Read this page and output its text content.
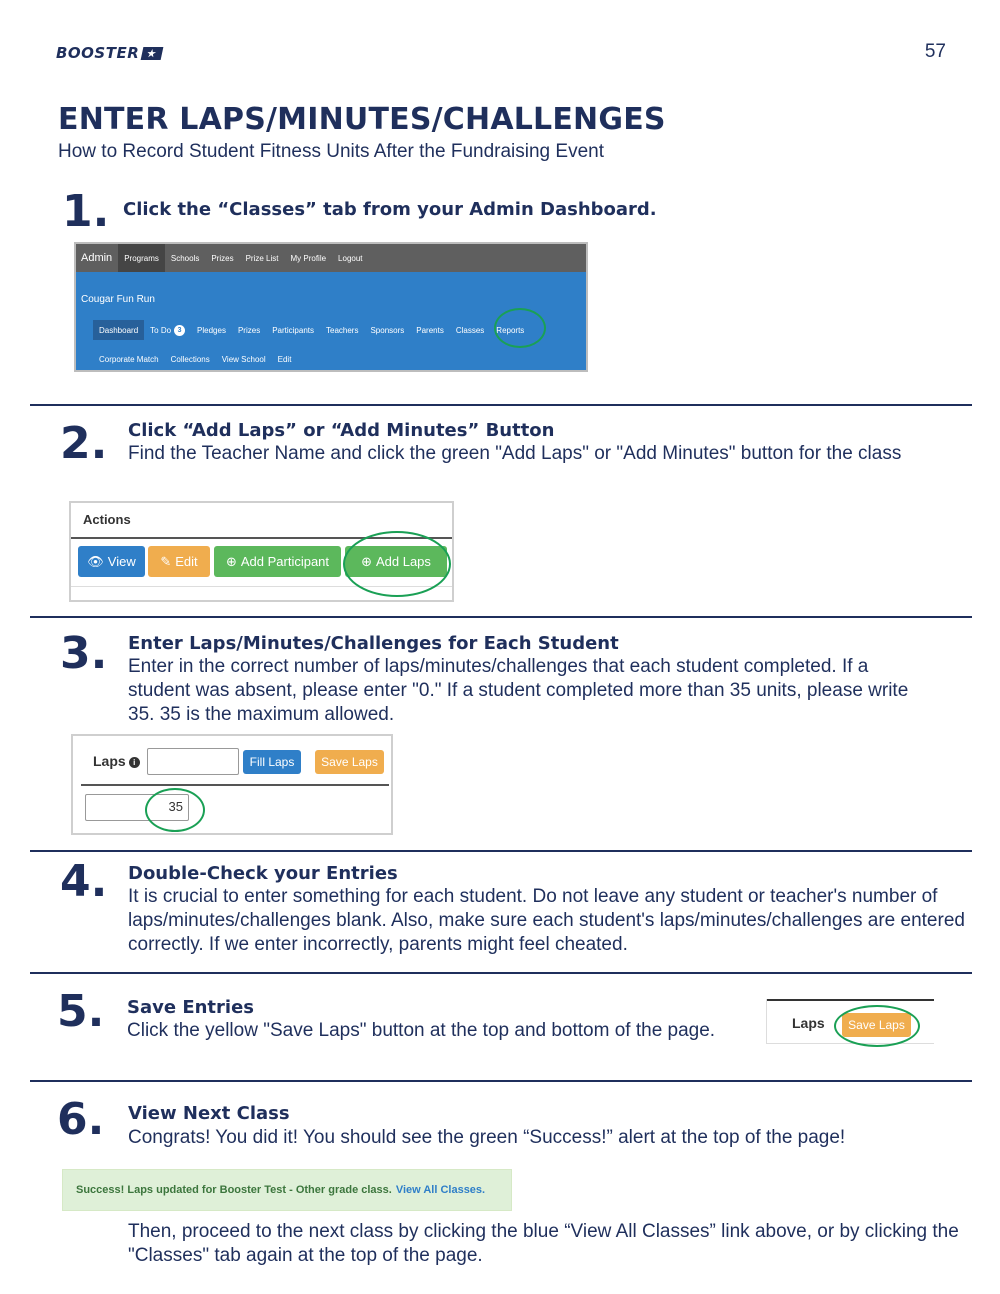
BOOSTER	57
ENTER LAPS/MINUTES/CHALLENGES
How to Record Student Fitness Units After the Fundraising Event
1. Click the “Classes” tab from your Admin Dashboard.
Admin	Programs	Schools	Prizes	Prize List	My Profile	Logout
Cougar Fun Run
Dashboard	To Do 3	Pledges	Prizes	Participants	Teachers	Sponsors	Parents	Classes	Reports
Corporate Match	Collections	View School	Edit
2. Click “Add Laps” or “Add Minutes” Button
Find the Teacher Name and click the green "Add Laps" or "Add Minutes" button for the class
Actions
👁 View ✎ Edit ⊕ Add Participant ⊕ Add Laps
3. Enter Laps/Minutes/Challenges for Each Student
Enter in the correct number of laps/minutes/challenges that each student completed. If a student was absent, please enter "0." If a student completed more than 35 units, please write 35. 35 is the maximum allowed.
Laps i	Fill Laps	Save Laps
35
4. Double-Check your Entries
It is crucial to enter something for each student. Do not leave any student or teacher's number of laps/minutes/challenges blank. Also, make sure each student's laps/minutes/challenges are entered correctly. If we enter incorrectly, parents might feel cheated.
5. Save Entries
Click the yellow "Save Laps" button at the top and bottom of the page.	Laps	Save Laps
6. View Next Class
Congrats! You did it! You should see the green “Success!” alert at the top of the page!
Success! Laps updated for Booster Test - Other grade class. View All Classes.
Then, proceed to the next class by clicking the blue “View All Classes” link above, or by clicking the "Classes" tab again at the top of the page.
